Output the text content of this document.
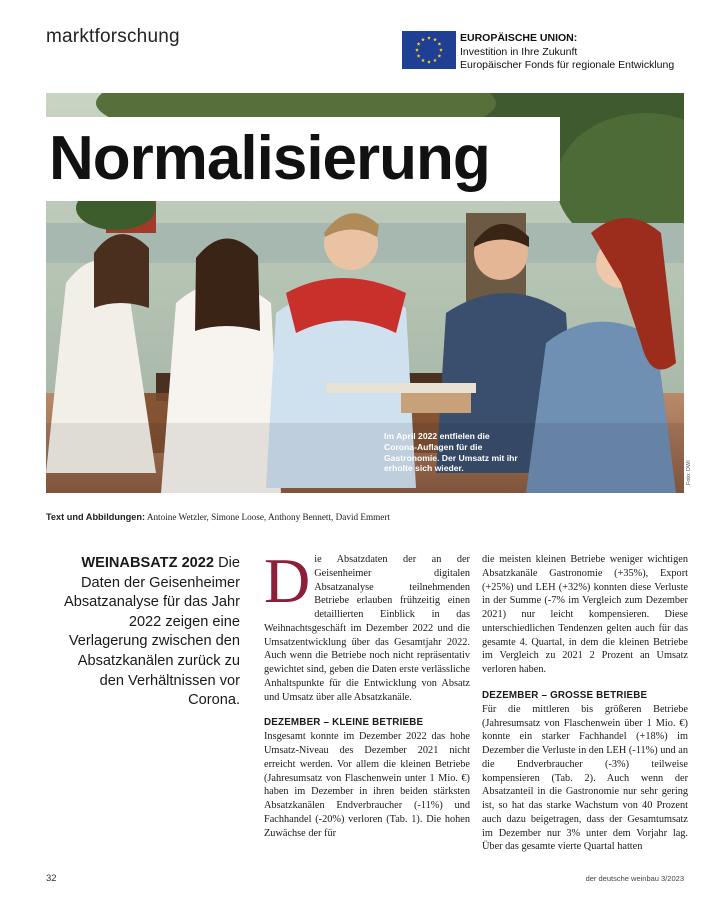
marktforschung	EUROPÄISCHE UNION:
Investition in Ihre Zukunft
Europäischer Fonds für regionale Entwicklung
Normalisierung
Im April 2022 entfielen die Corona-Auflagen für die Gastronomie. Der Umsatz mit ihr erholte sich wieder.	Foto: DWI
Text und Abbildungen: Antoine Wetzler, Simone Loose, Anthony Bennett, David Emmert
WEINABSATZ 2022 Die Daten der Geisenheimer Absatzanalyse für das Jahr 2022 zeigen eine Verlagerung zwischen den Absatzkanälen zurück zu den Verhältnissen vor Corona.
D ie Absatzdaten der an der Geisenheimer digitalen Absatzanalyse teilnehmenden Betriebe erlauben frühzeitig einen detaillierten Einblick in das Weihnachtsgeschäft im Dezember 2022 und die Umsatzentwicklung über das Gesamtjahr 2022. Auch wenn die Betriebe noch nicht repräsentativ gewichtet sind, geben die Daten erste verlässliche Anhaltspunkte für die Entwicklung von Absatz und Umsatz über alle Absatzkanäle.

DEZEMBER – KLEINE BETRIEBE

Insgesamt konnte im Dezember 2022 das hohe Umsatz-Niveau des Dezember 2021 nicht erreicht werden. Vor allem die kleinen Betriebe (Jahresumsatz von Flaschenwein unter 1 Mio. €) haben im Dezember in ihren beiden stärksten Absatzkanälen Endverbraucher (-11%) und Fachhandel (-20%) verloren (Tab. 1). Die hohen Zuwächse der für

die meisten kleinen Betriebe weniger wichtigen Absatzkanäle Gastronomie (+35%), Export (+25%) und LEH (+32%) konnten diese Verluste in der Summe (-7% im Vergleich zum Dezember 2021) nur leicht kompensieren. Diese unterschiedlichen Tendenzen gelten auch für das gesamte 4. Quartal, in dem die kleinen Betriebe im Vergleich zu 2021 2 Prozent an Umsatz verloren haben.

DEZEMBER – GROSSE BETRIEBE

Für die mittleren bis größeren Betriebe (Jahresumsatz von Flaschenwein über 1 Mio. €) konnte ein starker Fachhandel (+18%) im Dezember die Verluste in den LEH (-11%) und an die Endverbraucher (-3%) teilweise kompensieren (Tab. 2). Auch wenn der Absatzanteil in die Gastronomie nur sehr gering ist, so hat das starke Wachstum von 40 Prozent auch dazu beigetragen, dass der Gesamtumsatz im Dezember nur 3% unter dem Vorjahr lag. Über das gesamte vierte Quartal hatten

32	der deutsche weinbau 3/2023
